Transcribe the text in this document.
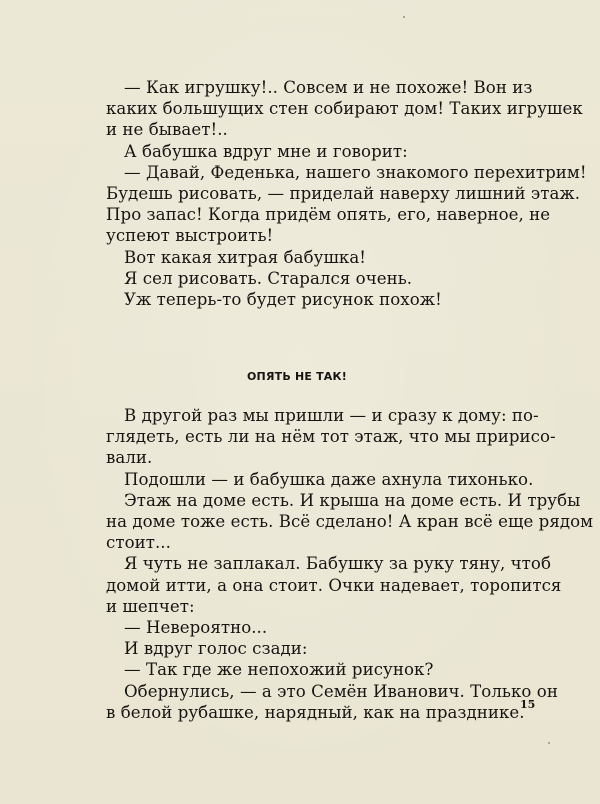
— Как игрушку!.. Совсем и не похоже! Вон из
каких большущих стен собирают дом! Таких игрушек
и не бывает!..
А бабушка вдруг мне и говорит:
— Давай, Феденька, нашего знакомого перехитрим!
Будешь рисовать, — приделай наверху лишний этаж.
Про запас! Когда придём опять, его, наверное, не
успеют выстроить!
Вот какая хитрая бабушка!
Я сел рисовать. Старался очень.
Уж теперь-то будет рисунок похож!

ОПЯТЬ НЕ ТАК!

В другой раз мы пришли — и сразу к дому: по-
глядеть, есть ли на нём тот этаж, что мы пририсо-
вали.
Подошли — и бабушка даже ахнула тихонько.
Этаж на доме есть. И крыша на доме есть. И трубы
на доме тоже есть. Всё сделано! А кран всё еще рядом
стоит...
Я чуть не заплакал. Бабушку за руку тяну, чтоб
домой итти, а она стоит. Очки надевает, торопится
и шепчет:
— Невероятно...
И вдруг голос сзади:
— Так где же непохожий рисунок?
Обернулись, — а это Семён Иванович. Только он
в белой рубашке, нарядный, как на празднике.

15
